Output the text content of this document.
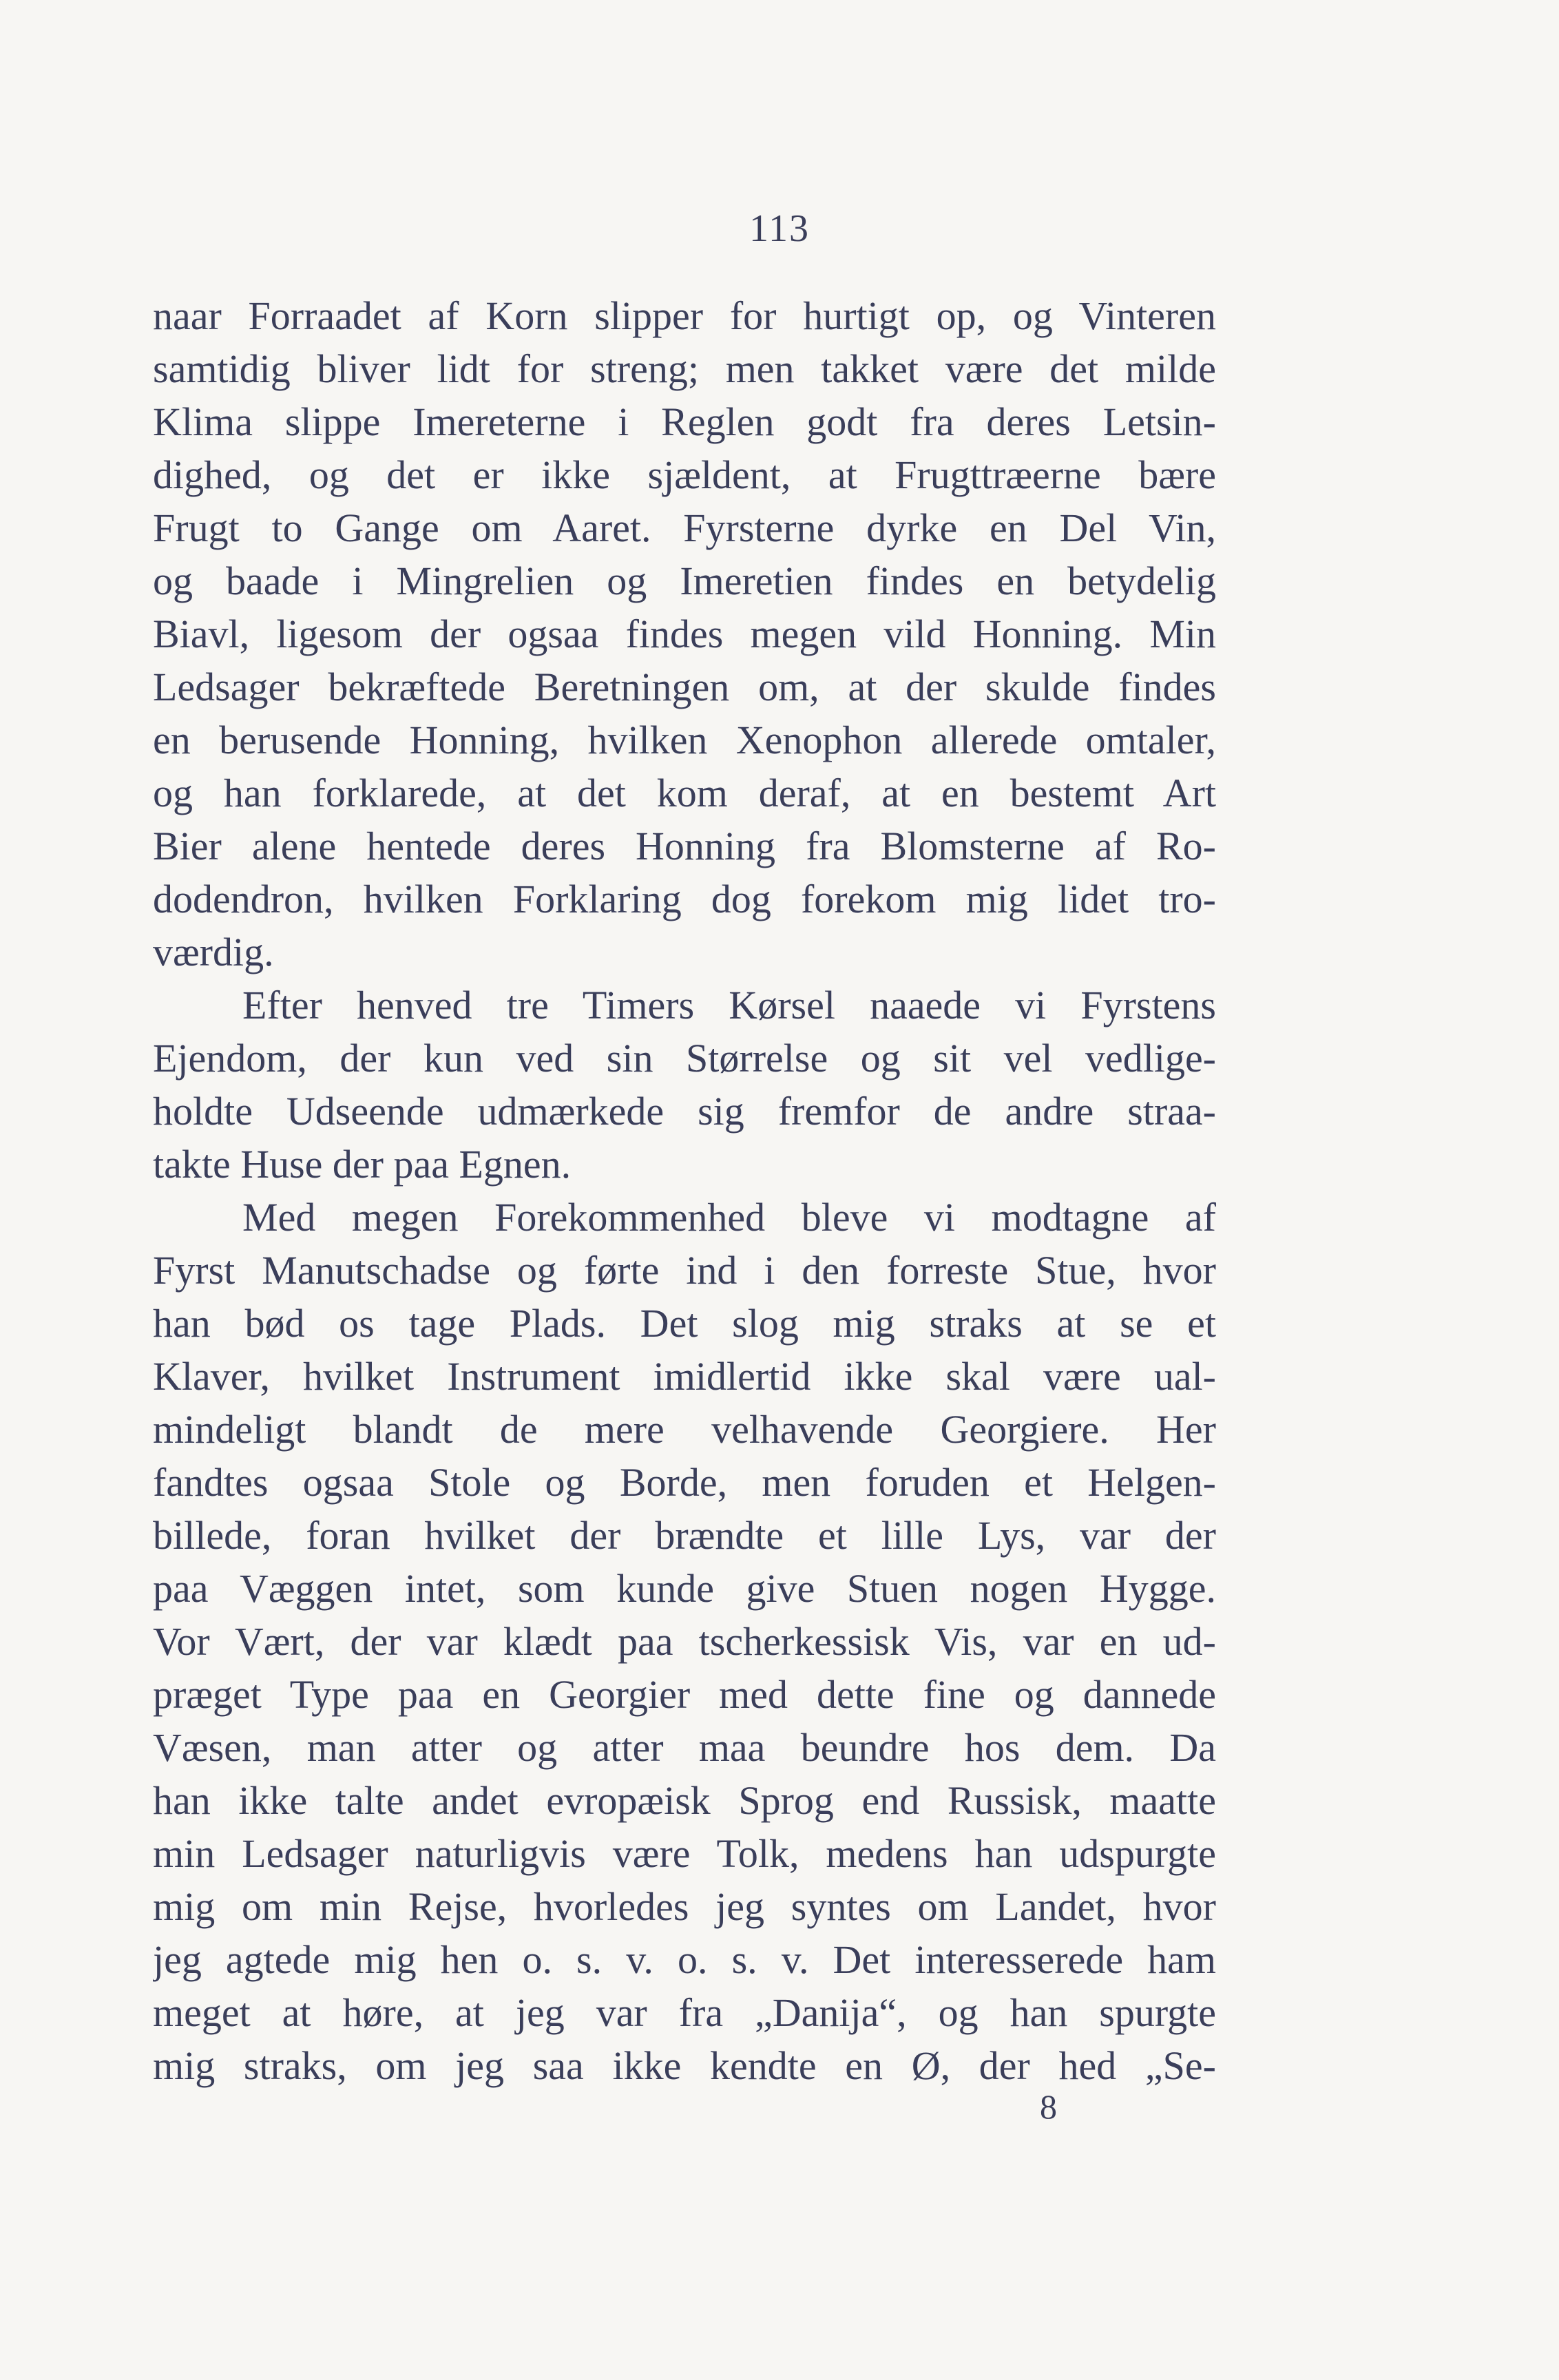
113
naar Forraadet af Korn slipper for hurtigt op, og Vinteren
samtidig bliver lidt for streng; men takket være det milde
Klima slippe Imereterne i Reglen godt fra deres Letsin-
dighed, og det er ikke sjældent, at Frugttræerne bære
Frugt to Gange om Aaret. Fyrsterne dyrke en Del Vin,
og baade i Mingrelien og Imeretien findes en betydelig
Biavl, ligesom der ogsaa findes megen vild Honning. Min
Ledsager bekræftede Beretningen om, at der skulde findes
en berusende Honning, hvilken Xenophon allerede omtaler,
og han forklarede, at det kom deraf, at en bestemt Art
Bier alene hentede deres Honning fra Blomsterne af Ro-
dodendron, hvilken Forklaring dog forekom mig lidet tro-
værdig.
Efter henved tre Timers Kørsel naaede vi Fyrstens
Ejendom, der kun ved sin Størrelse og sit vel vedlige-
holdte Udseende udmærkede sig fremfor de andre straa-
takte Huse der paa Egnen.
Med megen Forekommenhed bleve vi modtagne af
Fyrst Manutschadse og førte ind i den forreste Stue, hvor
han bød os tage Plads. Det slog mig straks at se et
Klaver, hvilket Instrument imidlertid ikke skal være ual-
mindeligt blandt de mere velhavende Georgiere. Her
fandtes ogsaa Stole og Borde, men foruden et Helgen-
billede, foran hvilket der brændte et lille Lys, var der
paa Væggen intet, som kunde give Stuen nogen Hygge.
Vor Vært, der var klædt paa tscherkessisk Vis, var en ud-
præget Type paa en Georgier med dette fine og dannede
Væsen, man atter og atter maa beundre hos dem. Da
han ikke talte andet evropæisk Sprog end Russisk, maatte
min Ledsager naturligvis være Tolk, medens han udspurgte
mig om min Rejse, hvorledes jeg syntes om Landet, hvor
jeg agtede mig hen o. s. v. o. s. v. Det interesserede ham
meget at høre, at jeg var fra „Danija“, og han spurgte
mig straks, om jeg saa ikke kendte en Ø, der hed „Se-
8
